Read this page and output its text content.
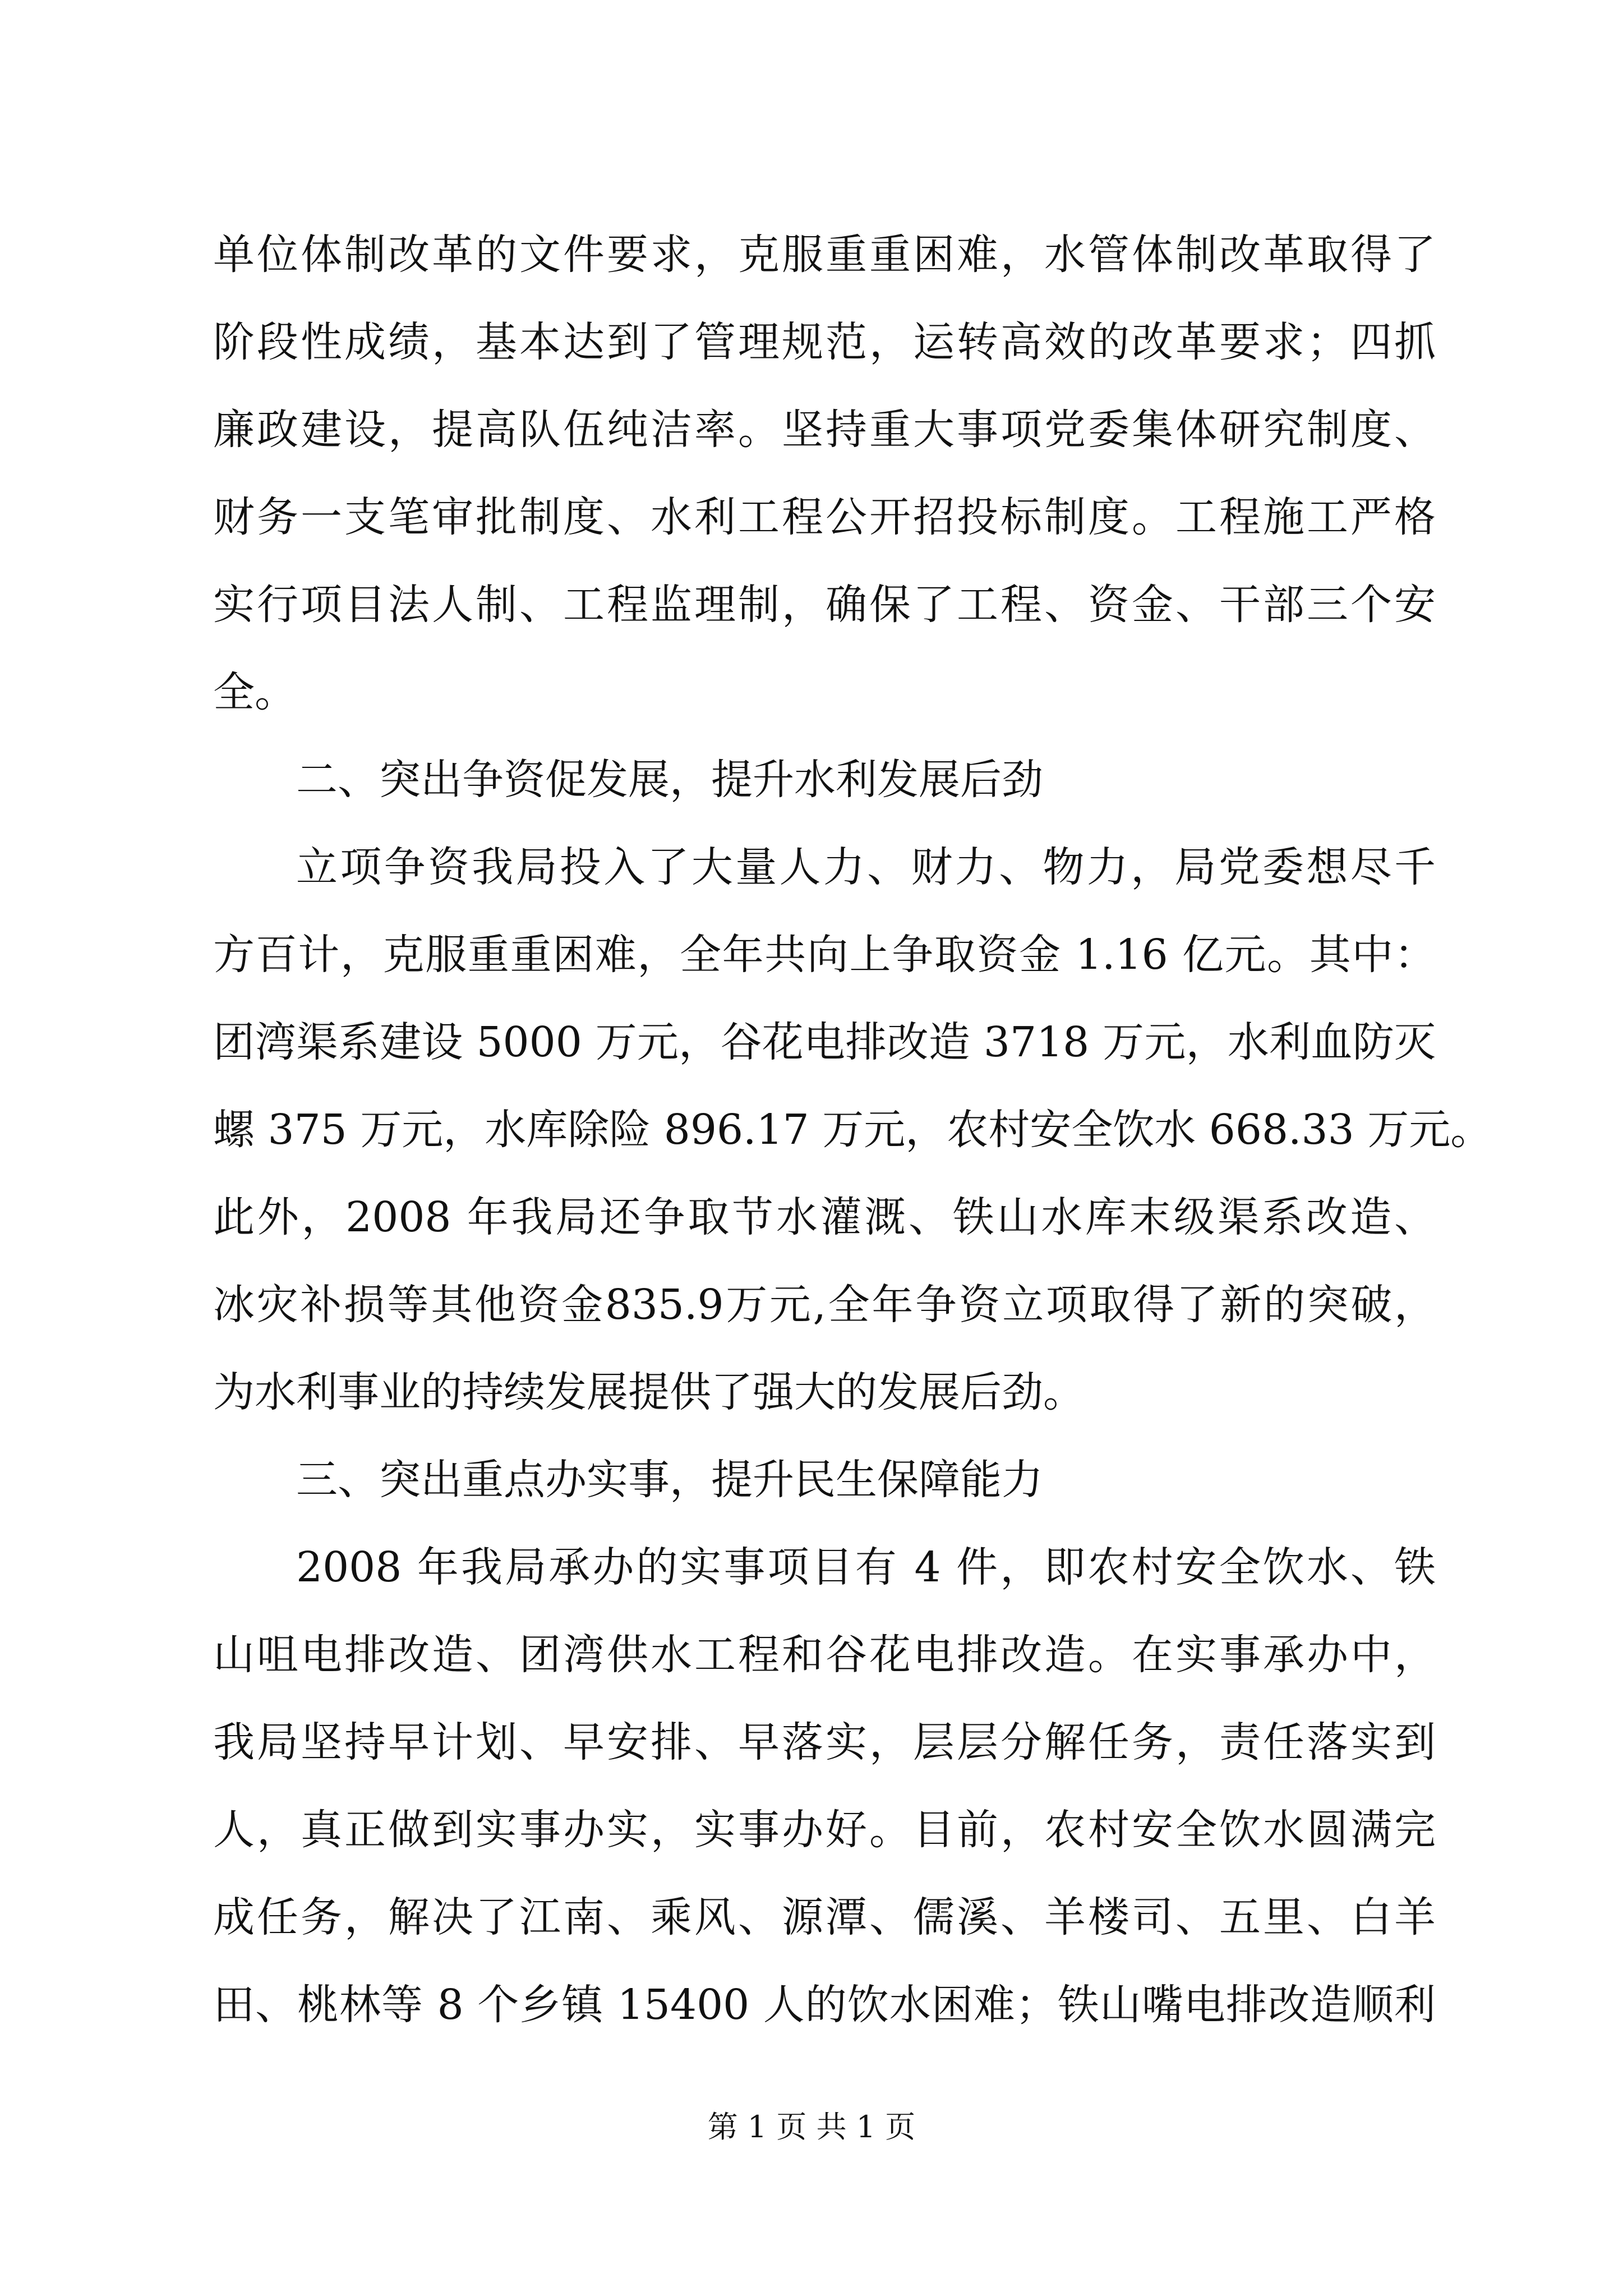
单位体制改革的文件要求，克服重重困难，水管体制改革取得了
阶段性成绩，基本达到了管理规范，运转高效的改革要求；四抓
廉政建设，提高队伍纯洁率。坚持重大事项党委集体研究制度、
财务一支笔审批制度、水利工程公开招投标制度。工程施工严格
实行项目法人制、工程监理制，确保了工程、资金、干部三个安
全。
二、突出争资促发展，提升水利发展后劲
立项争资我局投入了大量人力、财力、物力，局党委想尽千
方百计，克服重重困难，全年共向上争取资金 1.16 亿元。其中：
团湾渠系建设 5000 万元，谷花电排改造 3718 万元，水利血防灭
螺 375 万元，水库除险 896.17 万元，农村安全饮水 668.33 万元。
此外，2008 年我局还争取节水灌溉、铁山水库末级渠系改造、
冰灾补损等其他资金835.9万元,全年争资立项取得了新的突破，
为水利事业的持续发展提供了强大的发展后劲。
三、突出重点办实事，提升民生保障能力
2008 年我局承办的实事项目有 4 件，即农村安全饮水、铁
山咀电排改造、团湾供水工程和谷花电排改造。在实事承办中，
我局坚持早计划、早安排、早落实，层层分解任务，责任落实到
人，真正做到实事办实，实事办好。目前，农村安全饮水圆满完
成任务，解决了江南、乘风、源潭、儒溪、羊楼司、五里、白羊
田、桃林等 8 个乡镇 15400 人的饮水困难；铁山嘴电排改造顺利
第 1 页 共 1 页
